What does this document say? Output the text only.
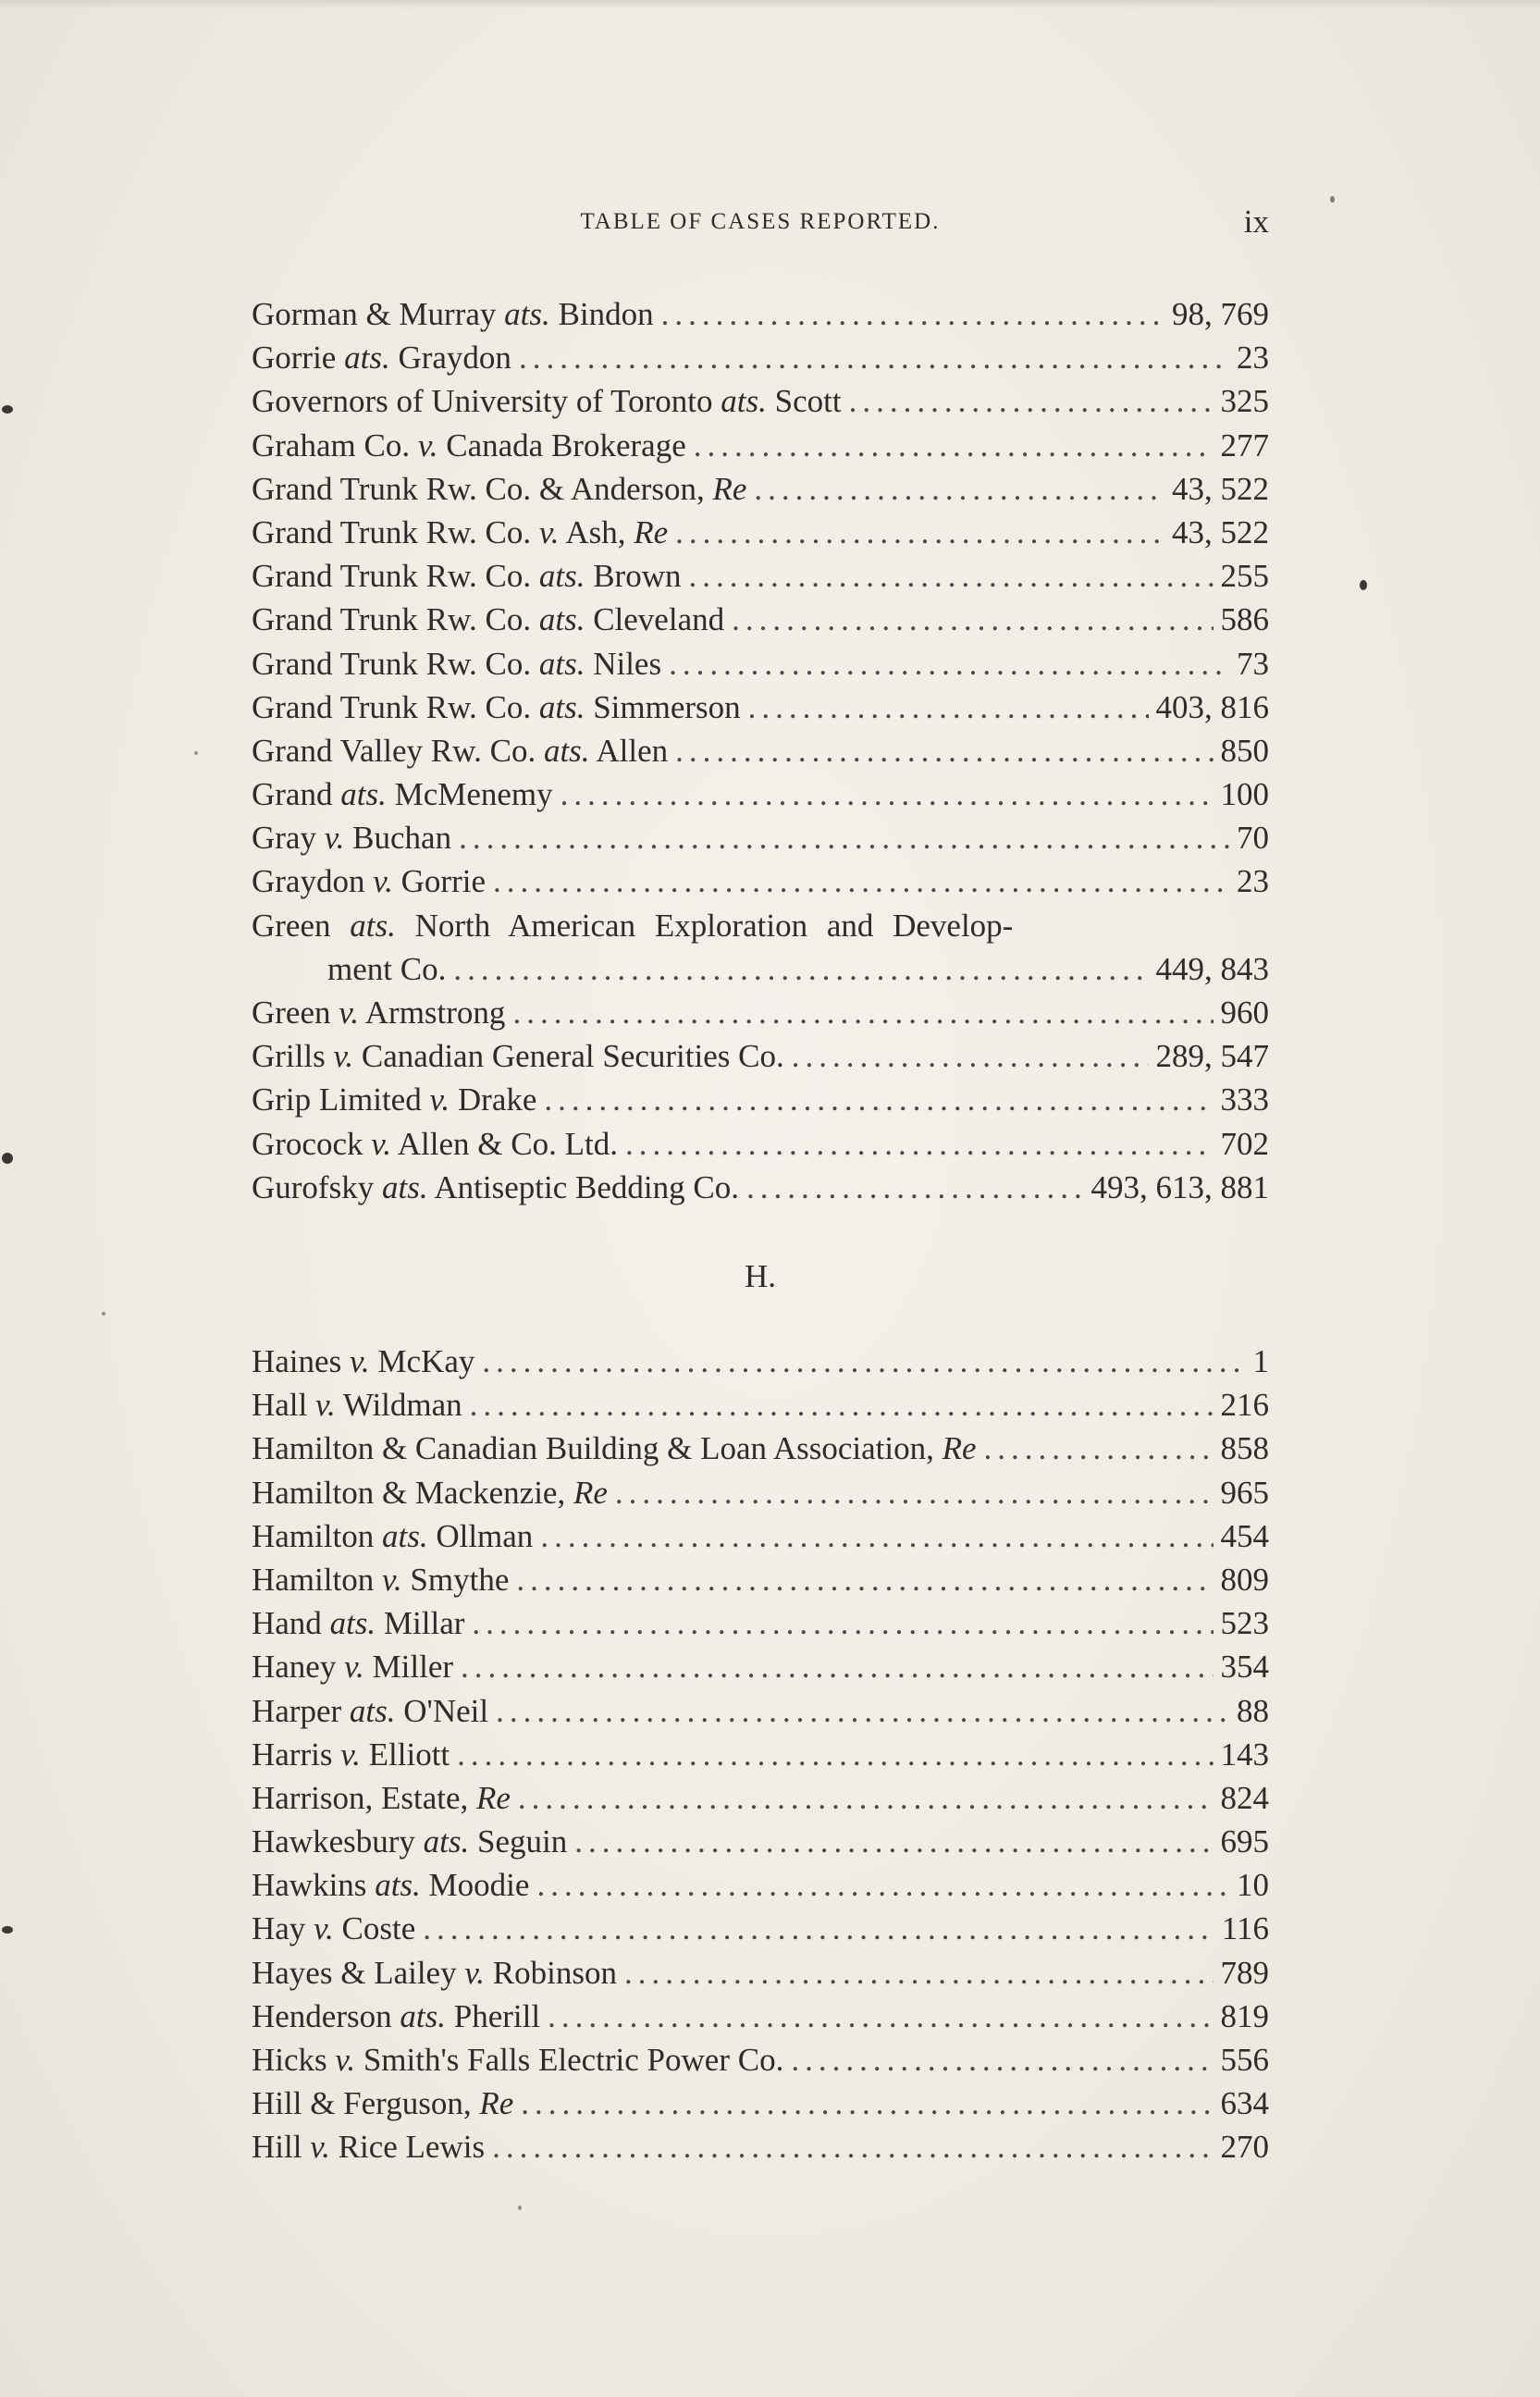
TABLE OF CASES REPORTED.	ix
Gorman & Murray ats. Bindon .....	98, 769
Gorrie ats. Graydon .....	23
Governors of University of Toronto ats. Scott .....	325
Graham Co. v. Canada Brokerage .....	277
Grand Trunk Rw. Co. & Anderson, Re .....	43, 522
Grand Trunk Rw. Co. v. Ash, Re .....	43, 522
Grand Trunk Rw. Co. ats. Brown .....	255
Grand Trunk Rw. Co. ats. Cleveland .....	586
Grand Trunk Rw. Co. ats. Niles .....	73
Grand Trunk Rw. Co. ats. Simmerson .....	403, 816
Grand Valley Rw. Co. ats. Allen .....	850
Grand ats. McMenemy .....	100
Gray v. Buchan .....	70
Graydon v. Gorrie .....	23
Green ats. North American Exploration and Develop-
ment Co. .....	449, 843
Green v. Armstrong .....	960
Grills v. Canadian General Securities Co. .....	289, 547
Grip Limited v. Drake .....	333
Grocock v. Allen & Co. Ltd. .....	702
Gurofsky ats. Antiseptic Bedding Co. .....	493, 613, 881
H.
Haines v. McKay .....	1
Hall v. Wildman .....	216
Hamilton & Canadian Building & Loan Association, Re .....	858
Hamilton & Mackenzie, Re .....	965
Hamilton ats. Ollman .....	454
Hamilton v. Smythe .....	809
Hand ats. Millar .....	523
Haney v. Miller .....	354
Harper ats. O'Neil .....	88
Harris v. Elliott .....	143
Harrison, Estate, Re .....	824
Hawkesbury ats. Seguin .....	695
Hawkins ats. Moodie .....	10
Hay v. Coste .....	116
Hayes & Lailey v. Robinson .....	789
Henderson ats. Pherill .....	819
Hicks v. Smith's Falls Electric Power Co. .....	556
Hill & Ferguson, Re .....	634
Hill v. Rice Lewis .....	270
